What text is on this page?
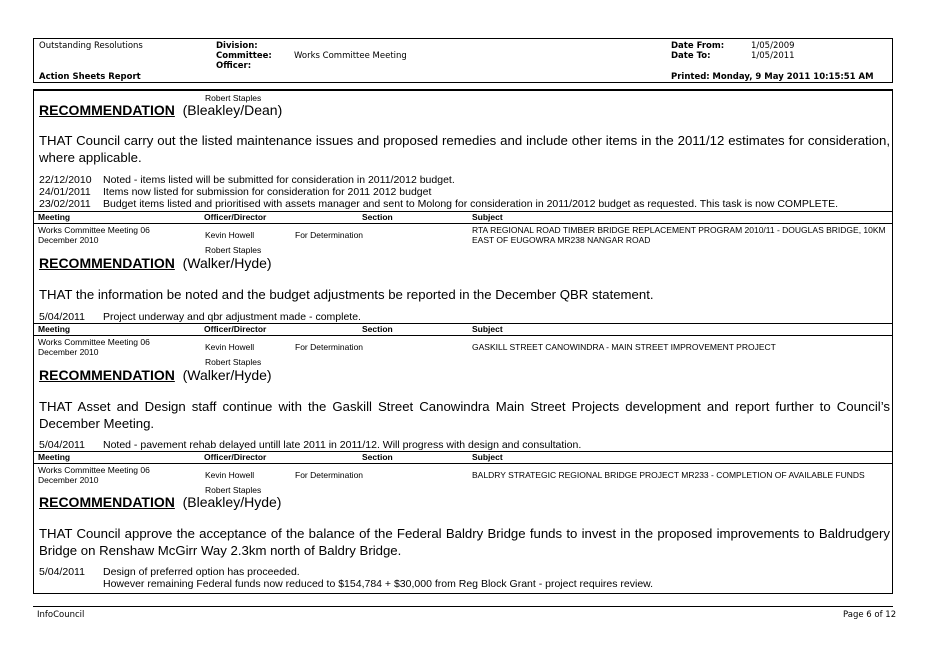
Outstanding Resolutions
Action Sheets Report
Division:
Committee:	Works Committee Meeting
Officer:
Date From:	1/05/2009
Date To:	1/05/2011
Printed: Monday, 9 May 2011 10:15:51 AM
Robert Staples
RECOMMENDATION (Bleakley/Dean)
THAT Council carry out the listed maintenance issues and proposed remedies and include other items in the 2011/12 estimates for consideration, where applicable.
22/12/2010 Noted - items listed will be submitted for consideration in 2011/2012 budget.
24/01/2011 Items now listed for submission for consideration for 2011 2012 budget
23/02/2011 Budget items listed and prioritised with assets manager and sent to Molong for consideration in 2011/2012 budget as requested. This task is now COMPLETE.
Meeting	Officer/Director	Section	Subject
Works Committee Meeting 06 December 2010	Kevin Howell	For Determination	RTA REGIONAL ROAD TIMBER BRIDGE REPLACEMENT PROGRAM 2010/11 - DOUGLAS BRIDGE, 10KM EAST OF EUGOWRA MR238 NANGAR ROAD
Robert Staples
RECOMMENDATION (Walker/Hyde)
THAT the information be noted and the budget adjustments be reported in the December QBR statement.
5/04/2011 Project underway and qbr adjustment made - complete.
Meeting	Officer/Director	Section	Subject
Works Committee Meeting 06 December 2010	Kevin Howell	For Determination	GASKILL STREET CANOWINDRA - MAIN STREET IMPROVEMENT PROJECT
Robert Staples
RECOMMENDATION (Walker/Hyde)
THAT Asset and Design staff continue with the Gaskill Street Canowindra Main Street Projects development and report further to Council’s December Meeting.
5/04/2011 Noted - pavement rehab delayed untill late 2011 in 2011/12. Will progress with design and consultation.
Meeting	Officer/Director	Section	Subject
Works Committee Meeting 06 December 2010	Kevin Howell	For Determination	BALDRY STRATEGIC REGIONAL BRIDGE PROJECT MR233 - COMPLETION OF AVAILABLE FUNDS
Robert Staples
RECOMMENDATION (Bleakley/Hyde)
THAT Council approve the acceptance of the balance of the Federal Baldry Bridge funds to invest in the proposed improvements to Baldrudgery Bridge on Renshaw McGirr Way 2.3km north of Baldry Bridge.
5/04/2011 Design of preferred option has proceeded.
However remaining Federal funds now reduced to $154,784 + $30,000 from Reg Block Grant - project requires review.
InfoCouncil	Page 6 of 12
